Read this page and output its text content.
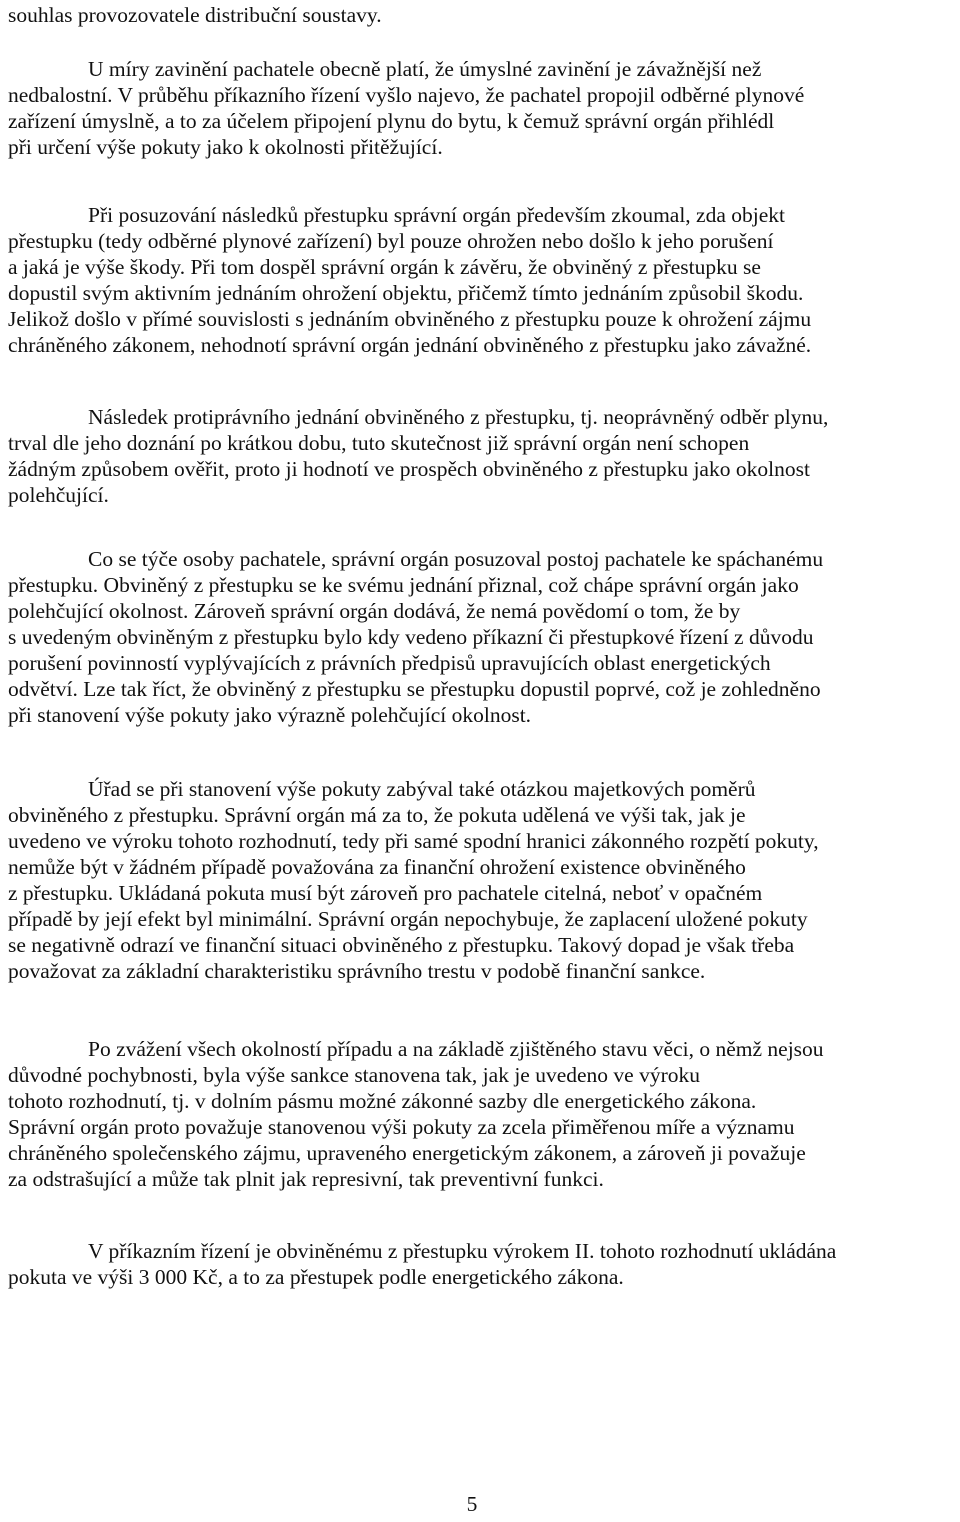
souhlas provozovatele distribuční soustavy.
U míry zavinění pachatele obecně platí, že úmyslné zavinění je závažnější než
nedbalostní. V průběhu příkazního řízení vyšlo najevo, že pachatel propojil odběrné plynové
zařízení úmyslně, a to za účelem připojení plynu do bytu, k čemuž správní orgán přihlédl
při určení výše pokuty jako k okolnosti přitěžující.
Při posuzování následků přestupku správní orgán především zkoumal, zda objekt
přestupku (tedy odběrné plynové zařízení) byl pouze ohrožen nebo došlo k jeho porušení
a jaká je výše škody. Při tom dospěl správní orgán k závěru, že obviněný z přestupku se
dopustil svým aktivním jednáním ohrožení objektu, přičemž tímto jednáním způsobil škodu.
Jelikož došlo v přímé souvislosti s jednáním obviněného z přestupku pouze k ohrožení zájmu
chráněného zákonem, nehodnotí správní orgán jednání obviněného z přestupku jako závažné.
Následek protiprávního jednání obviněného z přestupku, tj. neoprávněný odběr plynu,
trval dle jeho doznání po krátkou dobu, tuto skutečnost již správní orgán není schopen
žádným způsobem ověřit, proto ji hodnotí ve prospěch obviněného z přestupku jako okolnost
polehčující.
Co se týče osoby pachatele, správní orgán posuzoval postoj pachatele ke spáchanému
přestupku. Obviněný z přestupku se ke svému jednání přiznal, což chápe správní orgán jako
polehčující okolnost. Zároveň správní orgán dodává, že nemá povědomí o tom, že by
s uvedeným obviněným z přestupku bylo kdy vedeno příkazní či přestupkové řízení z důvodu
porušení povinností vyplývajících z právních předpisů upravujících oblast energetických
odvětví. Lze tak říct, že obviněný z přestupku se přestupku dopustil poprvé, což je zohledněno
při stanovení výše pokuty jako výrazně polehčující okolnost.
Úřad se při stanovení výše pokuty zabýval také otázkou majetkových poměrů
obviněného z přestupku. Správní orgán má za to, že pokuta udělená ve výši tak, jak je
uvedeno ve výroku tohoto rozhodnutí, tedy při samé spodní hranici zákonného rozpětí pokuty,
nemůže být v žádném případě považována za finanční ohrožení existence obviněného
z přestupku. Ukládaná pokuta musí být zároveň pro pachatele citelná, neboť v opačném
případě by její efekt byl minimální. Správní orgán nepochybuje, že zaplacení uložené pokuty
se negativně odrazí ve finanční situaci obviněného z přestupku. Takový dopad je však třeba
považovat za základní charakteristiku správního trestu v podobě finanční sankce.
Po zvážení všech okolností případu a na základě zjištěného stavu věci, o němž nejsou
důvodné pochybnosti, byla výše sankce stanovena tak, jak je uvedeno ve výroku
tohoto rozhodnutí, tj. v dolním pásmu možné zákonné sazby dle energetického zákona.
Správní orgán proto považuje stanovenou výši pokuty za zcela přiměřenou míře a významu
chráněného společenského zájmu, upraveného energetickým zákonem, a zároveň ji považuje
za odstrašující a může tak plnit jak represivní, tak preventivní funkci.
V příkazním řízení je obviněnému z přestupku výrokem II. tohoto rozhodnutí ukládána
pokuta ve výši 3 000 Kč, a to za přestupek podle energetického zákona.
5
